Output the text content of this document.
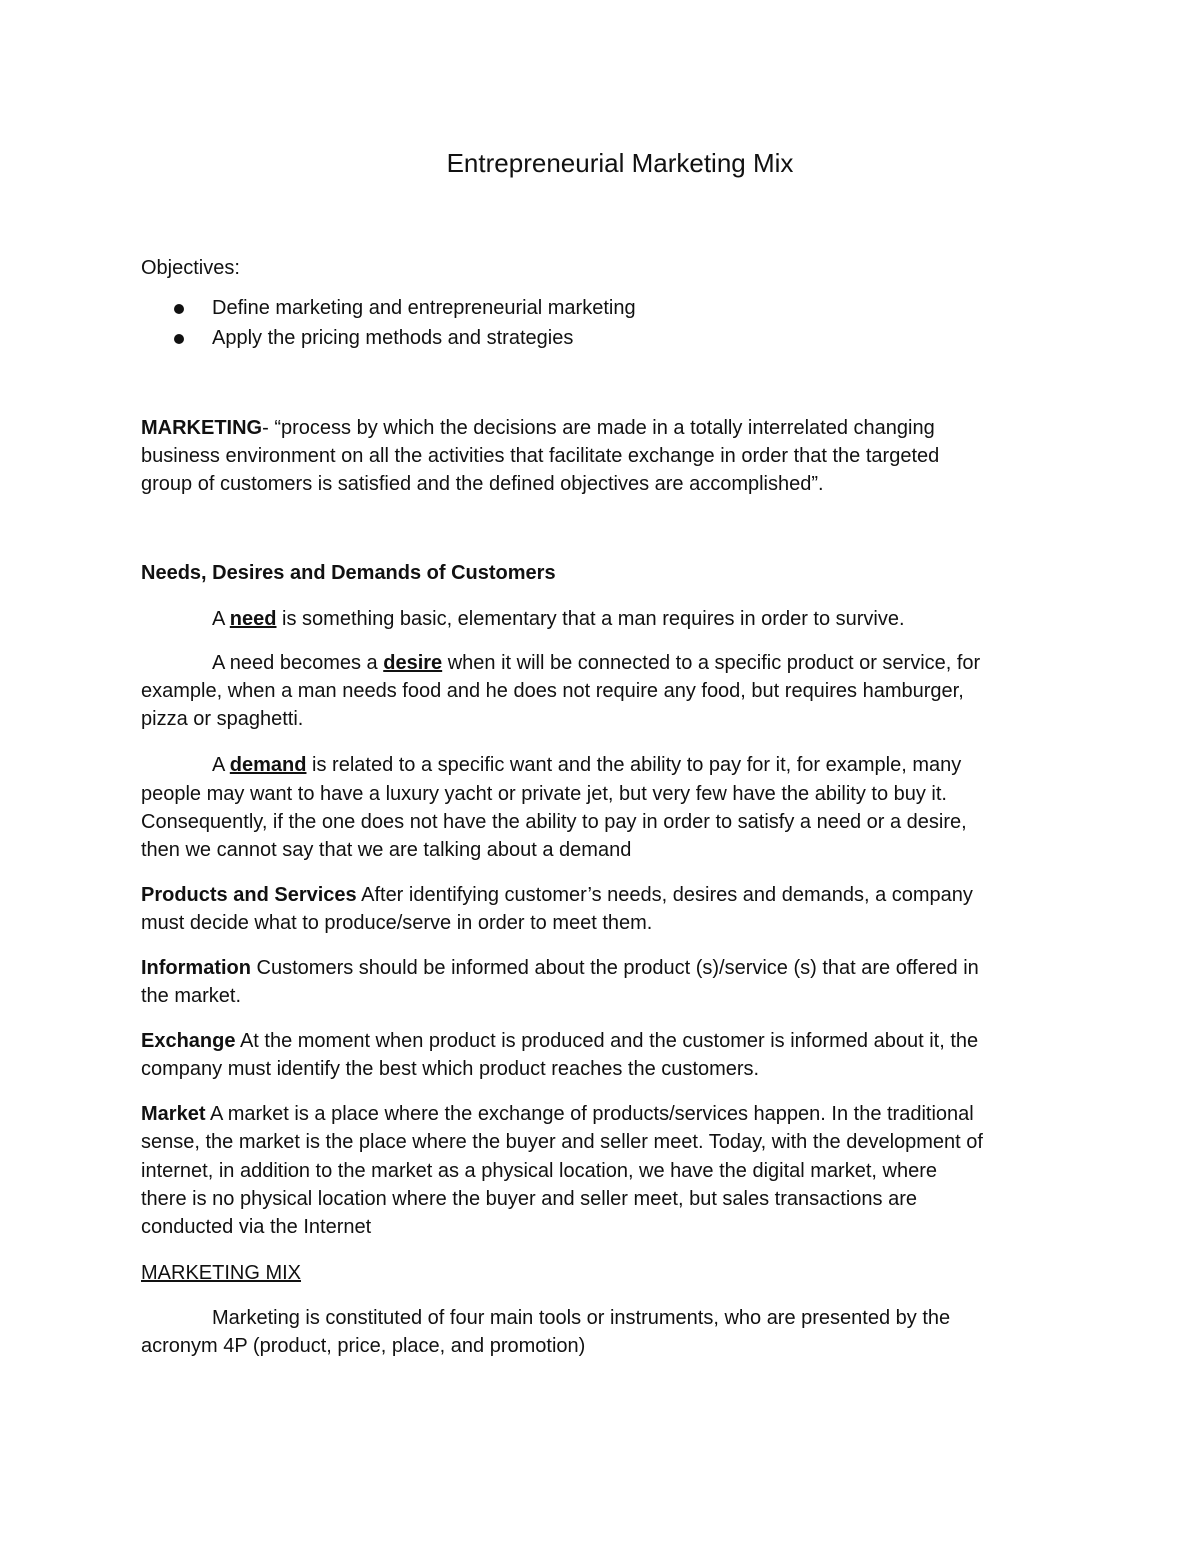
Entrepreneurial Marketing Mix
Objectives:
Define marketing and entrepreneurial marketing
Apply the pricing methods and strategies
MARKETING- “process by which the decisions are made in a totally interrelated changing
business environment on all the activities that facilitate exchange in order that the targeted
group of customers is satisfied and the defined objectives are accomplished”.
Needs, Desires and Demands of Customers
A need is something basic, elementary that a man requires in order to survive.
A need becomes a desire when it will be connected to a specific product or service, for
example, when a man needs food and he does not require any food, but requires hamburger,
pizza or spaghetti.
A demand is related to a specific want and the ability to pay for it, for example, many
people may want to have a luxury yacht or private jet, but very few have the ability to buy it.
Consequently, if the one does not have the ability to pay in order to satisfy a need or a desire,
then we cannot say that we are talking about a demand
Products and Services After identifying customer’s needs, desires and demands, a company
must decide what to produce/serve in order to meet them.
Information Customers should be informed about the product (s)/service (s) that are offered in
the market.
Exchange At the moment when product is produced and the customer is informed about it, the
company must identify the best which product reaches the customers.
Market A market is a place where the exchange of products/services happen. In the traditional
sense, the market is the place where the buyer and seller meet. Today, with the development of
internet, in addition to the market as a physical location, we have the digital market, where
there is no physical location where the buyer and seller meet, but sales transactions are
conducted via the Internet
MARKETING MIX
Marketing is constituted of four main tools or instruments, who are presented by the
acronym 4P (product, price, place, and promotion)
